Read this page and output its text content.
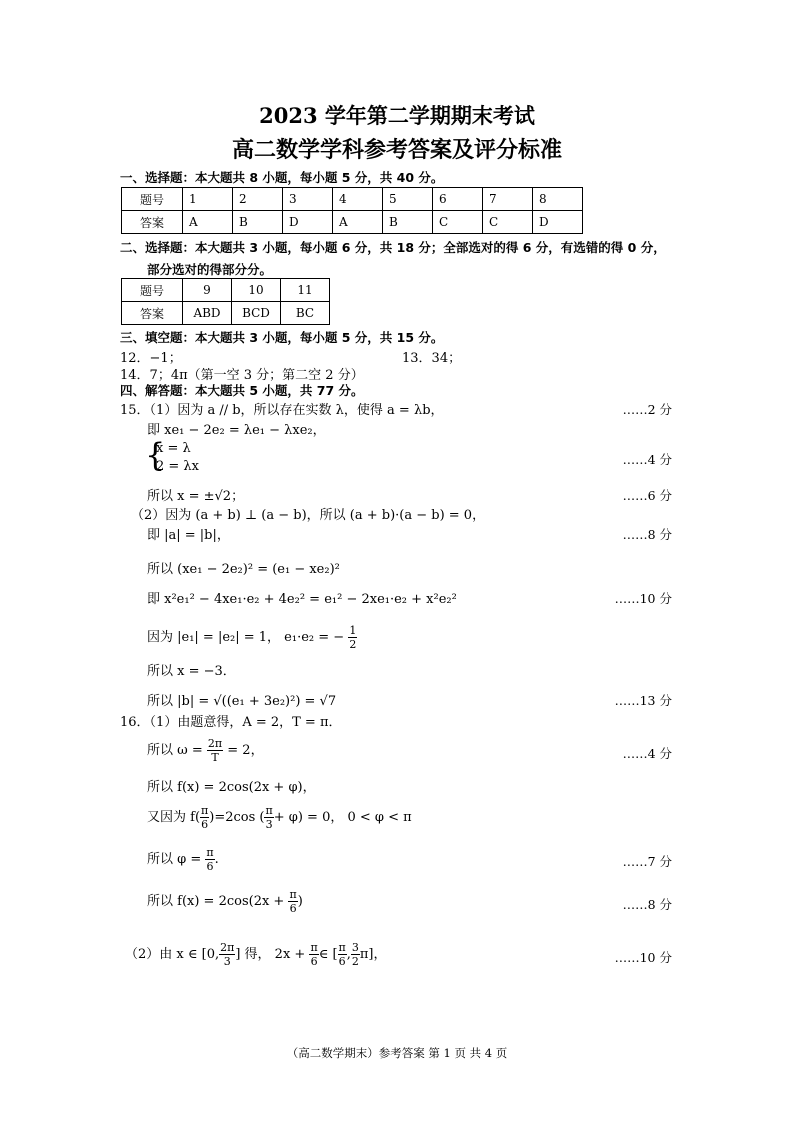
2023 学年第二学期期末考试
高二数学学科参考答案及评分标准
一、选择题：本大题共 8 小题，每小题 5 分，共 40 分。
题号	1	2	3	4	5	6	7	8
答案	A	B	D	A	B	C	C	D
二、选择题：本大题共 3 小题，每小题 6 分，共 18 分；全部选对的得 6 分，有选错的得 0 分，
部分选对的得部分分。
题号	9	10	11
答案	ABD	BCD	BC
三、填空题：本大题共 3 小题，每小题 5 分，共 15 分。
12．−1；	13．34；
14．7；4π（第一空 3 分；第二空 2 分）
四、解答题：本大题共 5 小题，共 77 分。
15．（1）因为 a // b，所以存在实数 λ，使得 a = λb，	……2 分
即 xe₁ − 2e₂ = λe₁ − λxe₂，
{
x = λ
2 = λx	……4 分
所以 x = ±√2；	……6 分
（2）因为 (a + b) ⊥ (a − b)，所以 (a + b)·(a − b) = 0，
即 |a| = |b|，	……8 分
所以 (xe₁ − 2e₂)² = (e₁ − xe₂)²
即 x²e₁² − 4xe₁·e₂ + 4e₂² = e₁² − 2xe₁·e₂ + x²e₂²	……10 分
因为 |e₁| = |e₂| = 1， e₁·e₂ = − $\frac{1}{2}$
所以 x = −3．
所以 |b| = √((e₁ + 3e₂)²) = √7	……13 分
16．（1）由题意得，A = 2，T = π．
所以 $\omega = \frac{2\pi}{T} = 2$，	……4 分
所以 f(x) = 2cos(2x + φ)，
又因为 $f( \frac{\pi}{6} )=2\cos$ ( $\frac{\pi}{3} + \varphi) = 0$， 0 < φ < π
所以 $\varphi = \frac{\pi}{6}$ .	……7 分
所以 $f(x) = 2\cos(2x + \frac{\pi}{6}$ )	……8 分
（2）由 x ∈ [0, $\frac{2\pi}{3}$ ] 得， $2x + \frac{\pi}{6}$ ∈ [ $\frac{\pi}{6}$ , $\frac{3}{2} \pi$]，	……10 分
（高二数学期末）参考答案 第 1 页 共 4 页
